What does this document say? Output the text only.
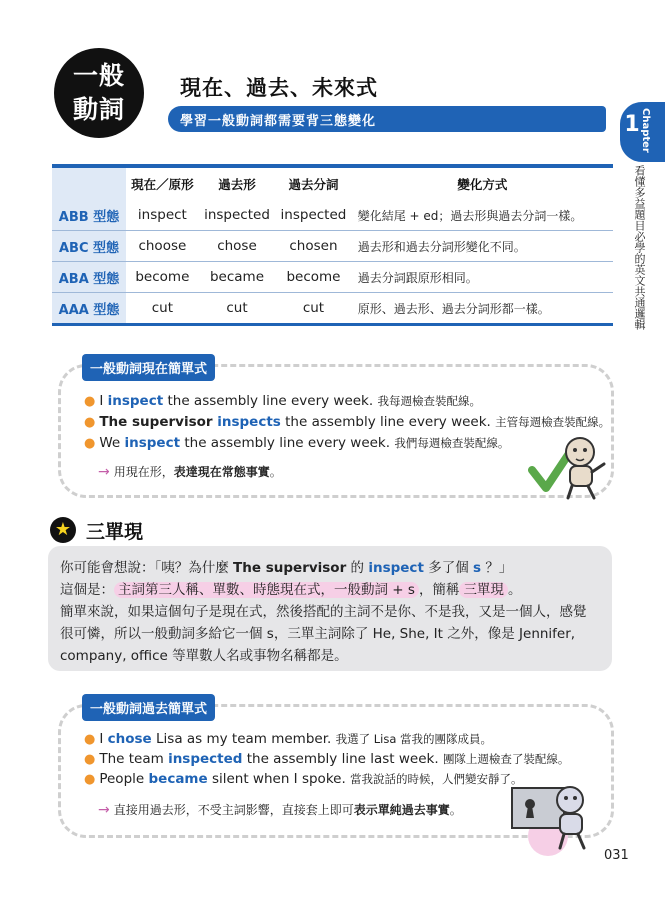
一般
動詞
現在、過去、未來式
學習一般動詞都需要背三態變化	1 Chapter
看懂多益題目必學的英文共通邏輯
	現在／原形	過去形	過去分詞	變化方式
ABB 型態	inspect	inspected	inspected	變化結尾 + ed；過去形與過去分詞一樣。
ABC 型態	choose	chose	chosen	過去形和過去分詞形變化不同。
ABA 型態	become	became	become	過去分詞跟原形相同。
AAA 型態	cut	cut	cut	原形、過去形、過去分詞形都一樣。
一般動詞現在簡單式
● I inspect the assembly line every week. 我每週檢查裝配線。
● The supervisor inspects the assembly line every week. 主管每週檢查裝配線。
● We inspect the assembly line every week. 我們每週檢查裝配線。
→ 用現在形，表達現在常態事實。
★ 三單現
你可能會想說：「咦？為什麼 The supervisor 的 inspect 多了個 s ？」
這個是： 主詞第三人稱、單數、時態現在式，一般動詞 + s ，簡稱 三單現 。
簡單來說，如果這個句子是現在式，然後搭配的主詞不是你、不是我，又是一個人，感覺
很可憐，所以一般動詞多給它一個 s，三單主詞除了 He, She, It 之外，像是 Jennifer,
company, office 等單數人名或事物名稱都是。
一般動詞過去簡單式
● I chose Lisa as my team member. 我選了 Lisa 當我的團隊成員。
● The team inspected the assembly line last week. 團隊上週檢查了裝配線。
● People became silent when I spoke. 當我說話的時候，人們變安靜了。
→ 直接用過去形，不受主詞影響，直接套上即可表示單純過去事實。
031
